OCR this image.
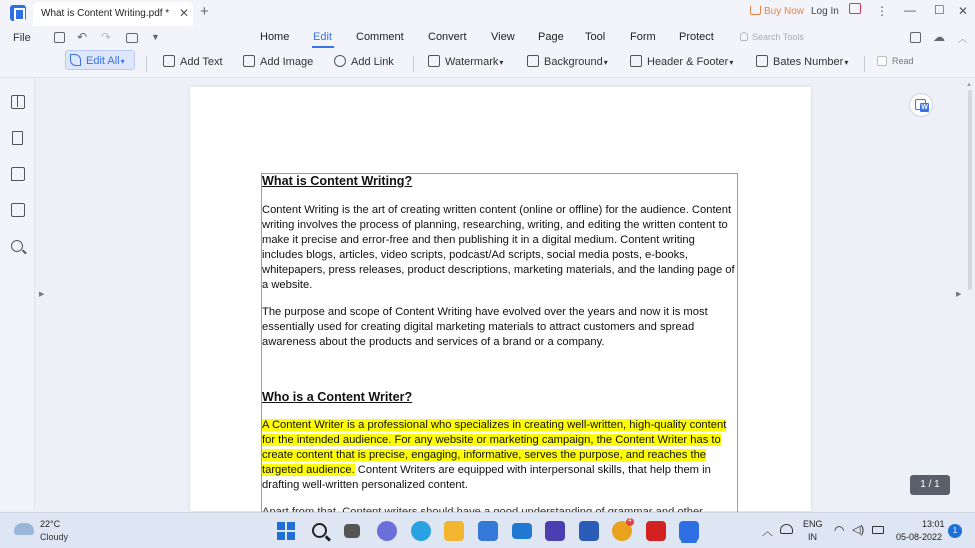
What is Content Writing.pdf * ✕ +	Buy Now Log In	⋮ — ☐ ✕
File	↶ ↷	▼	Home Edit Comment Convert View Page Tool Form Protect	Search Tools	☁ ︿
Edit All▾	Add Text	Add Image	Add Link	Watermark▾	Background▾	Header & Footer▾	Bates Number▾	Read
▶	▶
▲
What is Content Writing?
Content Writing is the art of creating written content (online or offline) for the audience. Content writing involves the process of planning, researching, writing, and editing the written content to make it precise and error-free and then publishing it in a digital medium. Content writing includes blogs, articles, video scripts, podcast/Ad scripts, social media posts, e-books, whitepapers, press releases, product descriptions, marketing materials, and the landing page of a website.
The purpose and scope of Content Writing have evolved over the years and now it is most essentially used for creating digital marketing materials to attract customers and spread awareness about the products and services of a brand or a company.
Who is a Content Writer?
A Content Writer is a professional who specializes in creating well-written, high-quality content for the intended audience. For any website or marketing campaign, the Content Writer has to create content that is precise, engaging, informative, serves the purpose, and reaches the targeted audience. Content Writers are equipped with interpersonal skills, that help them in drafting well-written personalized content.
W	1 / 1
22°C
Cloudy
4
︿
ENG
IN ◠ ◁)	13:01
05-08-2022
1
